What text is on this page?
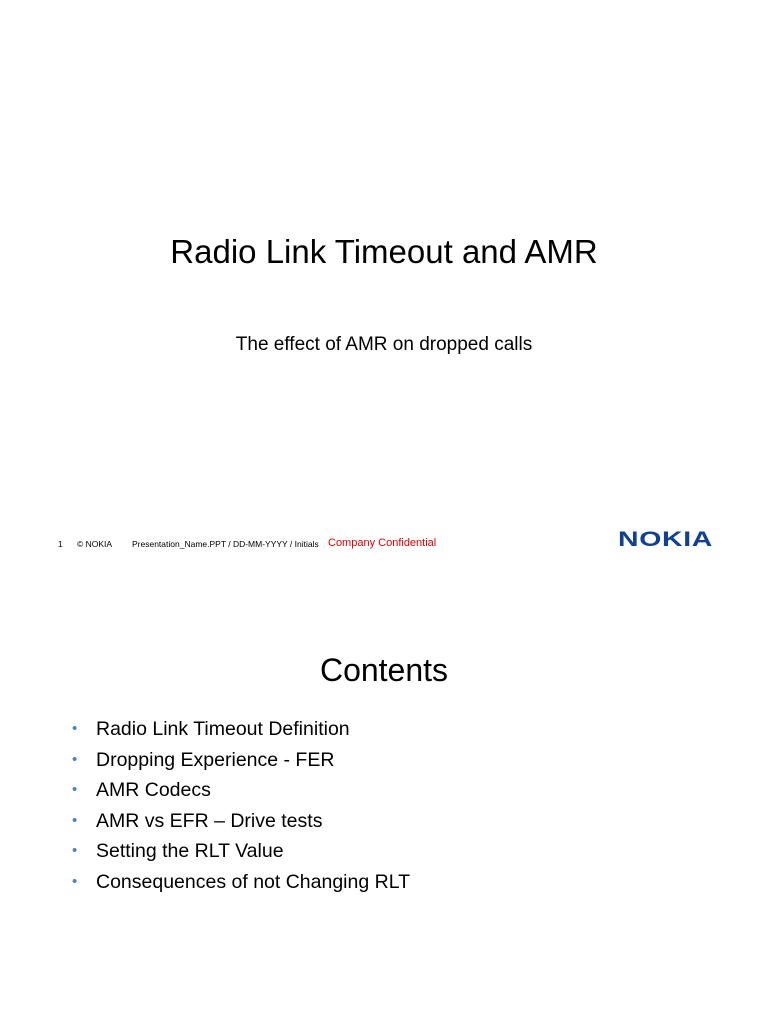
Radio Link Timeout and AMR

The effect of AMR on dropped calls

1 © NOKIA Presentation_Name.PPT / DD-MM-YYYY / Initials Company Confidential	NOKIA
Contents
• Radio Link Timeout Definition
• Dropping Experience - FER
• AMR Codecs
• AMR vs EFR – Drive tests
• Setting the RLT Value
• Consequences of not Changing RLT
